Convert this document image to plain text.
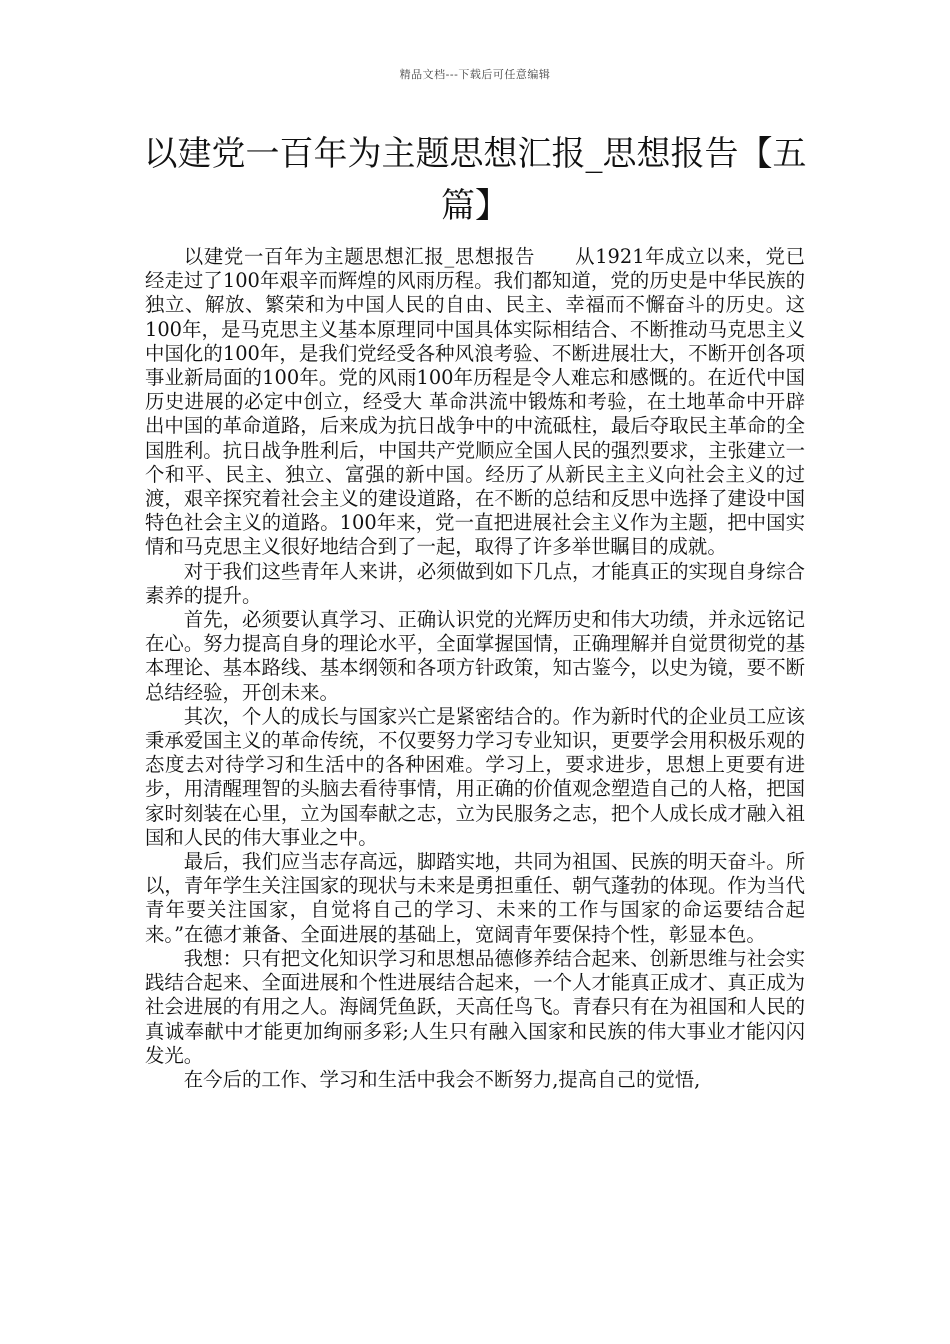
精品文档---下载后可任意编辑
以建党一百年为主题思想汇报_思想报告【五篇】

以建党一百年为主题思想汇报_思想报告　　从1921年成立以来，党已经走过了100年艰辛而辉煌的风雨历程。我们都知道，党的历史是中华民族的独立、解放、繁荣和为中国人民的自由、民主、幸福而不懈奋斗的历史。这100年，是马克思主义基本原理同中国具体实际相结合、不断推动马克思主义中国化的100年，是我们党经受各种风浪考验、不断进展壮大，不断开创各项事业新局面的100年。党的风雨100年历程是令人难忘和感慨的。在近代中国历史进展的必定中创立，经受大 革命洪流中锻炼和考验，在土地革命中开辟出中国的革命道路，后来成为抗日战争中的中流砥柱，最后夺取民主革命的全国胜利。抗日战争胜利后，中国共产党顺应全国人民的强烈要求，主张建立一个和平、民主、独立、富强的新中国。经历了从新民主主义向社会主义的过渡，艰辛探究着社会主义的建设道路，在不断的总结和反思中选择了建设中国特色社会主义的道路。100年来，党一直把进展社会主义作为主题，把中国实情和马克思主义很好地结合到了一起，取得了许多举世瞩目的成就。

对于我们这些青年人来讲，必须做到如下几点，才能真正的实现自身综合素养的提升。

首先，必须要认真学习、正确认识党的光辉历史和伟大功绩，并永远铭记在心。努力提高自身的理论水平，全面掌握国情，正确理解并自觉贯彻党的基本理论、基本路线、基本纲领和各项方针政策，知古鉴今，以史为镜，要不断总结经验，开创未来。

其次，个人的成长与国家兴亡是紧密结合的。作为新时代的企业员工应该秉承爱国主义的革命传统，不仅要努力学习专业知识，更要学会用积极乐观的态度去对待学习和生活中的各种困难。学习上，要求进步，思想上更要有进步，用清醒理智的头脑去看待事情，用正确的价值观念塑造自己的人格，把国家时刻装在心里，立为国奉献之志，立为民服务之志，把个人成长成才融入祖国和人民的伟大事业之中。

最后，我们应当志存高远，脚踏实地，共同为祖国、民族的明天奋斗。所以，青年学生关注国家的现状与未来是勇担重任、朝气蓬勃的体现。作为当代青年要关注国家，自觉将自己的学习、未来的工作与国家的命运要结合起来。”在德才兼备、全面进展的基础上，宽阔青年要保持个性，彰显本色。

我想：只有把文化知识学习和思想品德修养结合起来、创新思维与社会实践结合起来、全面进展和个性进展结合起来，一个人才能真正成才、真正成为社会进展的有用之人。海阔凭鱼跃，天高任鸟飞。青春只有在为祖国和人民的真诚奉献中才能更加绚丽多彩;人生只有融入国家和民族的伟大事业才能闪闪发光。

在今后的工作、学习和生活中我会不断努力,提高自己的觉悟,
